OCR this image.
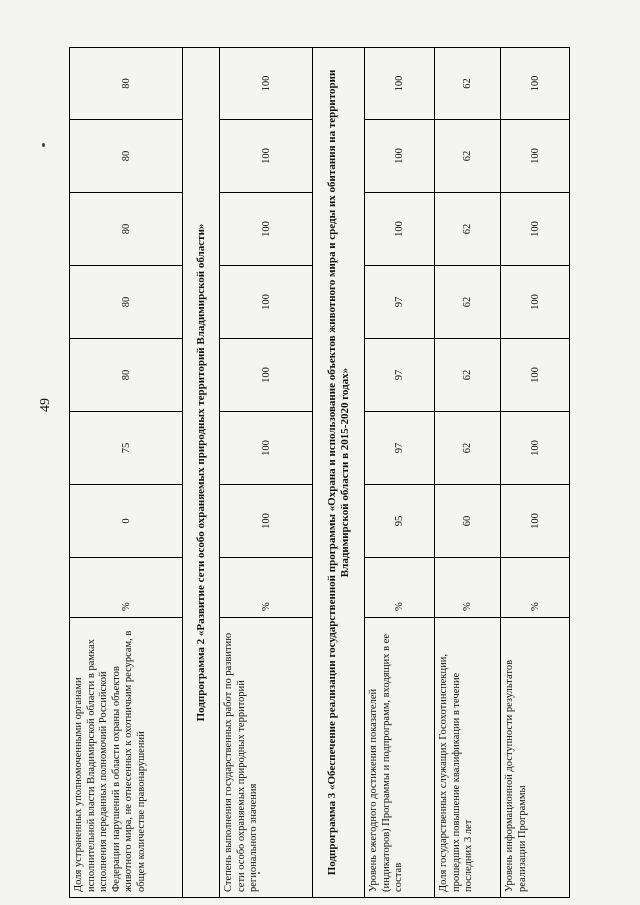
49
Доля устраненных уполномоченными органами исполнительной власти Владимирской области в рамках исполнения переданных полномочий Российской Федерации нарушений в области охраны объектов животного мира, не отнесенных к охотничьим ресурсам, в общем количестве правонарушений	%	0	75	80	80	80	80	80
Подпрограмма 2 «Развитие сети особо охраняемых природных территорий Владимирской области»								
Степень выполнения государственных работ по развитию сети особо охраняемых природных территорий регионального значения	%	100	100	100	100	100	100	100
Подпрограмма 3 «Обеспечение реализации государственной программы «Охрана и использование объектов животного мира и среды их обитания на территории Владимирской области в 2015-2020 годах»								
Уровень ежегодного достижения показателей (индикаторов) Программы и подпрограмм, входящих в ее состав	%	95	97	97	97	100	100	100
Доля государственных служащих Госохотинспекции, прошедших повышение квалификации в течение последних 3 лет	%	60	62	62	62	62	62	62
Уровень информационной доступности результатов реализации Программы	%	100	100	100	100	100	100	100
